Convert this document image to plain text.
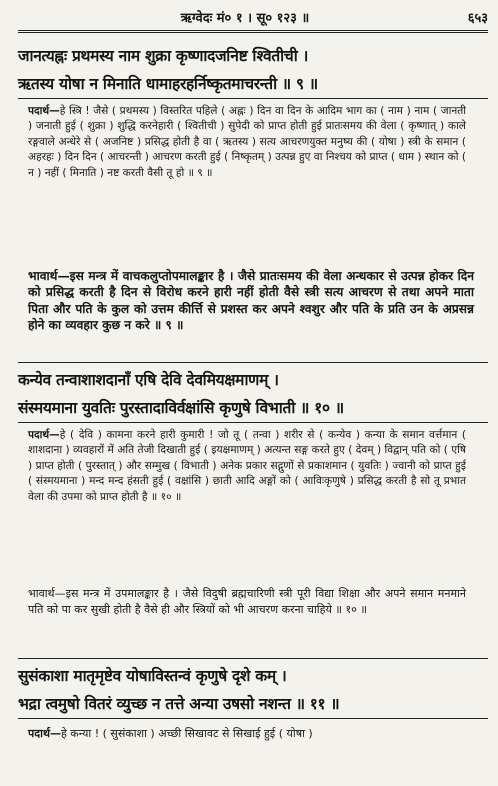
ऋग्वेदः मं० १ । सू० १२३ ॥	६५३
जानत्यह्नः प्रथमस्य नाम शुक्रा कृष्णादजनिष्ट श्वितीची ।
ऋतस्य योषा न मिनाति धामाहरहर्निष्कृतमाचरन्ती ॥ ९ ॥
पदार्थ—हे स्त्रि ! जैसे ( प्रथमस्य ) विस्तरित पहिले ( अह्नः ) दिन वा दिन के आदिम भाग का ( नाम ) नाम ( जानती ) जनाती हुई ( शुक्रा ) शुद्धि करनेहारी ( श्वितीची ) सुपेदी को प्राप्त होती हुई प्रातःसमय की वेला ( कृष्णात् ) काले रङ्गवाले अन्धेरे से ( अजनिष्ट ) प्रसिद्ध होती है वा ( ऋतस्य ) सत्य आचरणयुक्त मनुष्य की ( योषा ) स्त्री के समान ( अहरहः ) दिन दिन ( आचरन्ती ) आचरण करती हुई ( निष्कृतम् ) उत्पन्न हुए वा निश्चय को प्राप्त ( धाम ) स्थान को ( न ) नहीं ( मिनाति ) नष्ट करती वैसी तू हो ॥ ९ ॥
भावार्थ—इस मन्त्र में वाचकलुप्तोपमालङ्कार है । जैसे प्रातःसमय की वेला अन्धकार से उत्पन्न होकर दिन को प्रसिद्ध करती है दिन से विरोध करने हारी नहीं होती वैसे स्त्री सत्य आचरण से तथा अपने माता पिता और पति के कुल को उत्तम कीर्त्ति से प्रशस्त कर अपने श्वशुर और पति के प्रति उन के अप्रसन्न होने का व्यवहार कुछ न करे ॥ ९ ॥
कन्येव तन्वाशाशदानाँ एषि देवि देवमियक्षमाणम् ।
संस्मयमाना युवतिः पुरस्तादाविर्वक्षांसि कृणुषे विभाती ॥ १० ॥
पदार्थ—हे ( देवि ) कामना करने हारी कुमारी ! जो तू ( तन्वा ) शरीर से ( कन्येव ) कन्या के समान वर्त्तमान ( शाशदाना ) व्यवहारों में अति तेजी दिखाती हुई ( इयक्षमाणम् ) अत्यन्त सङ्ग करते हुए ( देवम् ) विद्वान् पति को ( एषि ) प्राप्त होती ( पुरस्तात् ) और सम्मुख ( विभाती ) अनेक प्रकार सद्गुणों से प्रकाशमान ( युवतिः ) ज्वानी को प्राप्त हुई ( संस्मयमाना ) मन्द मन्द हंसती हुई ( वक्षांसि ) छाती आदि अङ्गों को ( आविःकृणुषे ) प्रसिद्ध करती है सो तू प्रभात वेला की उपमा को प्राप्त होती है ॥ १० ॥
भावार्थ—इस मन्त्र में उपमालङ्कार है । जैसे विदुषी ब्रह्मचारिणी स्त्री पूरी विद्या शिक्षा और अपने समान मनमाने पति को पा कर सुखी होती है वैसे ही और स्त्रियों को भी आचरण करना चाहिये ॥ १० ॥
सुसंकाशा मातृमृष्टेव योषाविस्तन्वं कृणुषे दृशे कम् ।
भद्रा त्वमुषो वितरं व्युच्छ न तत्ते अन्या उषसो नशन्त ॥ ११ ॥
पदार्थ—हे कन्या ! ( सुसंकाशा ) अच्छी सिखावट से सिखाई हुई ( योषा )
